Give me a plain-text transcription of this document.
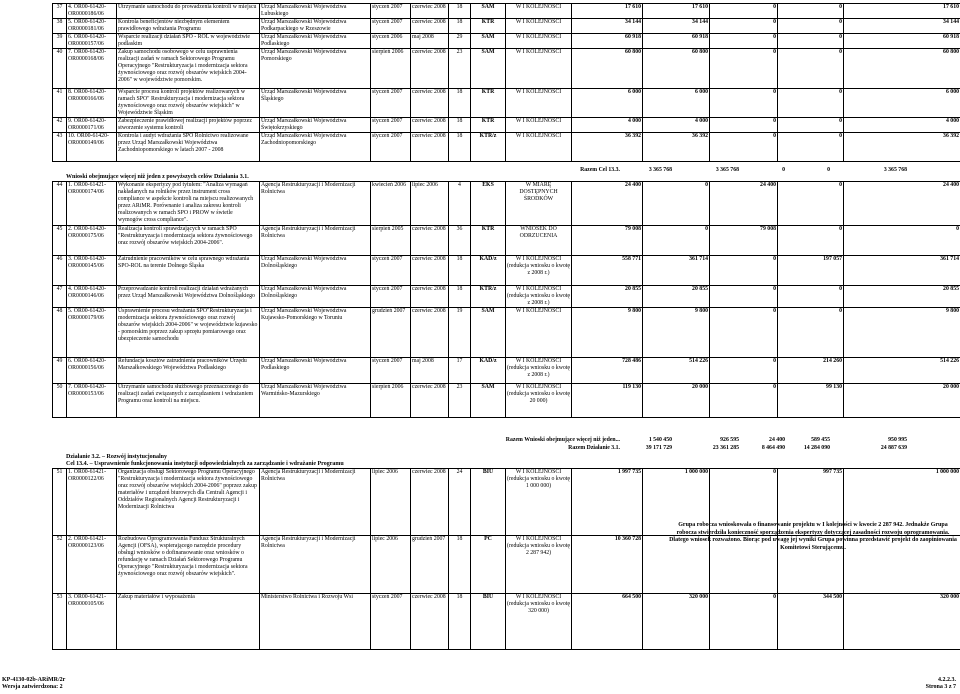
37	4. OR00-61420-OR0000186/06	Utrzymanie samochodu do prowadzenia kontroli w miejscu	Urząd Marszałkowski Województwa Lubuskiego	styczeń 2007	czerwiec 2008	18	SAM	W I KOLEJNOŚCI	17 610	17 610	0	0	17 610
38	5. OR00-61420-OR0000181/06	Kontrola beneficjentów niezbędnym elementem prawidłowego wdrażania Programu	Urząd Marszałkowski Województwa Podkarpackiego w Rzeszowie	styczeń 2007	czerwiec 2008	18	KTR	W I KOLEJNOŚCI	34 144	34 144	0	0	34 144
39	6. OR00-61420-OR0000157/06	Wsparcie realizacji działań SPO - ROL w województwie podlaskim	Urząd Marszałkowski Województwa Podlaskiego	styczeń 2006	maj 2008	29	SAM	W I KOLEJNOŚCI	60 918	60 918	0	0	60 918
40	7. OR00-61420-OR0000168/06	Zakup samochodu osobowego w celu usprawnienia realizacji zadań w ramach Sektorowego Programu Operacyjnego "Restrukturyzacja i modernizacja sektora żywnościowego oraz rozwój obszarów wiejskich 2004-2006" w województwie pomorskim.	Urząd Marszałkowski Województwa Pomorskiego	sierpień 2006	czerwiec 2008	23	SAM	W I KOLEJNOŚCI	60 800	60 800	0	0	60 800
41	8. OR00-61420-OR0000166/06	Wsparcie procesu kontroli projektów realizowanych w ramach SPO" Restrukturyzacja i modernizacja sektora żywnościowego oraz rozwój obszarów wiejskich" w Województwie Śląskim	Urząd Marszałkowski Województwa Śląskiego	styczeń 2007	czerwiec 2008	18	KTR	W I KOLEJNOŚCI	6 000	6 000	0	0	6 000
42	9. OR00-61420-OR0000171/06	Zabezpieczenie prawidłowej realizacji projektów poprzez stworzenie systemu kontroli	Urząd Marszałkowski Województwa Świętokrzyskiego	styczeń 2007	czerwiec 2008	18	KTR	W I KOLEJNOŚCI	4 000	4 000	0	0	4 000
43	10. OR00-61420-OR0000149/06	Kontrola i audyt wdrażania SPO Rolnictwo realizowane przez Urząd Marszałkowski Województwa Zachodniopomorskiego w latach 2007 - 2008	Urząd Marszałkowski Województwa Zachodniopomorskiego	styczeń 2007	czerwiec 2008	18	KTR/z	W I KOLEJNOŚCI	36 392	36 392	0	0	36 392
Razem Cel 13.3.	3 365 768	3 365 768	0	0	3 365 768
Wnioski obejmujące więcej niż jeden z powyższych celów Działania 3.1.
44	1. OR00-61421-OR0000174/06	Wykonanie ekspertyzy pod tytułem: "Analiza wymagań nakładanych na rolników przez instrument cross compliance w aspekcie kontroli na miejscu realizowanych przez ARiMR. Porównanie i analiza zakresu kontroli realizowanych w ramach SPO i PROW w świetle wymogów cross compliance".	Agencja Restrukturyzacji i Modernizacji Rolnictwa	kwiecień 2006	lipiec 2006	4	EKS	W MIARĘ DOSTĘPNYCH ŚRODKÓW	24 400	0	24 400	0	24 400
45	2. OR00-61420-OR0000175/06	Realizacja kontroli sprawdzających w ramach SPO "Restrukturyzacja i modernizacja sektora żywnościowego oraz rozwój obszarów wiejskich 2004-2006".	Agencja Restrukturyzacji i Modernizacji Rolnictwa	sierpień 2005	czerwiec 2008	36	KTR	WNIOSEK DO ODRZUCENIA	79 008	0	79 008	0	0
46	3. OR00-61420-OR0000145/06	Zatrudnienie pracowników w celu sprawnego wdrażania SPO-ROL na terenie Dolnego Śląska	Urząd Marszałkowski Województwa Dolnośląskiego	styczeń 2007	czerwiec 2008	18	KAD/z	W I KOLEJNOŚCI (redukcja wniosku o kwotę z 2008 r.)	558 771	361 714	0	197 057	361 714
47	4. OR00-61420-OR0000146/06	Przeprowadzanie kontroli realizacji działań wdrażanych przez Urząd Marszałkowski Województwa Dolnośląskiego	Urząd Marszałkowski Województwa Dolnośląskiego	styczeń 2007	czerwiec 2008	18	KTR/z	W I KOLEJNOŚCI (redukcja wniosku o kwotę z 2008 r.)	20 855	20 855	0	0	20 855
48	5. OR00-61420-OR0000179/06	Usprawnienie procesu wdrażania SPO"Restrukturyzacja i modernizacja sektora żywnościowego oraz rozwój obszarów wiejskich 2004-2006" w województwie kujawsko - pomorskim poprzez zakup sprzętu pomiarowego oraz ubezpieczenie samochodu	Urząd Marszałkowski Województwa Kujawsko-Pomorskiego w Toruniu	grudzień 2007	czerwiec 2008	19	SAM	W I KOLEJNOŚCI	9 800	9 800	0	0	9 800
49	6. OR00-61420-OR0000156/06	Refundacja kosztów zatrudnienia pracowników Urzędu Marszałkowskiego Województwa Podlaskiego	Urząd Marszałkowski Województwa Podlaskiego	styczeń 2007	maj 2008	17	KAD/z	W I KOLEJNOŚCI (redukcja wniosku o kwotę z 2008 r.)	728 486	514 226	0	214 260	514 226
50	7. OR00-61420-OR0000153/06	Utrzymanie samochodu służbowego przeznaczonego do realizacji zadań związanych z zarządzaniem i wdrażaniem Programu oraz kontroli na miejscu.	Urząd Marszałkowski Województwa Warmińsko-Mazurskiego	sierpień 2006	czerwiec 2008	23	SAM	W I KOLEJNOŚCI (redukcja wniosku o kwotę 20 000)	119 130	20 000	0	99 130	20 000
Razem Wnioski obejmujące więcej niż jeden...	1 540 450	926 595	24 400	589 455	950 995
Razem Działanie 3.1.	39 171 729	23 361 285	8 464 490	14 284 090	24 887 639
Działanie 3.2. – Rozwój instytucjonalny
Cel 13.4. – Usprawnienie funkcjonowania instytucji odpowiedzialnych za zarządzanie i wdrażanie Programu
51	1. OR00-61421-OR0000122/06	Organizacja obsługi Sektorowego Programu Operacyjnego "Restrukturyzacja i modernizacja sektora żywnościowego oraz rozwój obszarów wiejskich 2004-2006" poprzez zakup materiałów i urządzeń biurowych dla Centrali Agencji i Oddziałów Regionalnych Agencji Restrukturyzacji i Modernizacji Rolnictwa	Agencja Restrukturyzacji i Modernizacji Rolnictwa	lipiec 2006	czerwiec 2008	24	BIU	W I KOLEJNOŚCI (redukcja wniosku o kwotę 1 000 000)	1 997 735	1 000 000	0	997 735	1 000 000
52	2. OR00-61421-OR0000123/06	Rozbudowa Oprogramowania Fundusz Strukturalnych Agencji (OFSA), wspierającego narzędzie procedury obsługi wniosków o dofinansowanie oraz wniosków o refundację w ramach Działań Sektorowego Programu Operacyjnego "Restrukturyzacja i modernizacja sektora żywnościowego oraz rozwój obszarów wiejskich".	Agencja Restrukturyzacji i Modernizacji Rolnictwa	lipiec 2006	grudzień 2007	18	PC	W I KOLEJNOŚCI (redukcja wniosku o kwotę 2 287 942)	10 360 728				
53	3. OR00-61421-OR0000105/06	Zakup materiałów i wyposażenia	Ministerstwo Rolnictwa i Rozwoju Wsi	styczeń 2007	czerwiec 2008	18	BIU	W I KOLEJNOŚCI (redukcja wniosku o kwotę 320 000)	664 500	320 000	0	344 500	320 000
Grupa robocza wnioskowała o finansowanie projektu w I kolejności w kwocie 2 287 942. Jednakże Grupa robocza stwierdziła konieczność sporządzenia ekspertyzy dotyczącej zasadności rozwoju oprogramowania. Dlatego wniosek rozważono. Biorąc pod uwagę jej wyniki Grupa powinna przedstawić projekt do zaopiniowania Komitetowi Sterującemu.
KP-4130-02b-ARiMR/2r
Wersja zatwierdzona: 2
4.2.2.3.
Strona 3 z 7
